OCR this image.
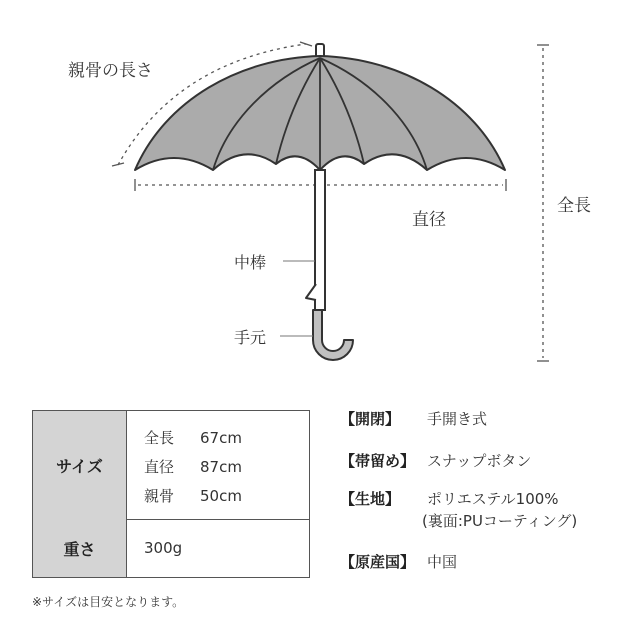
親骨の長さ
直径
全長
中棒
手元
サイズ
全長 67cm
直径 87cm
親骨 50cm
重さ	300g
【開閉】 手開き式
【帯留め】 スナップボタン
【生地】 ポリエステル100%
(裏面:PUコーティング)
【原産国】 中国
※サイズは目安となります。
